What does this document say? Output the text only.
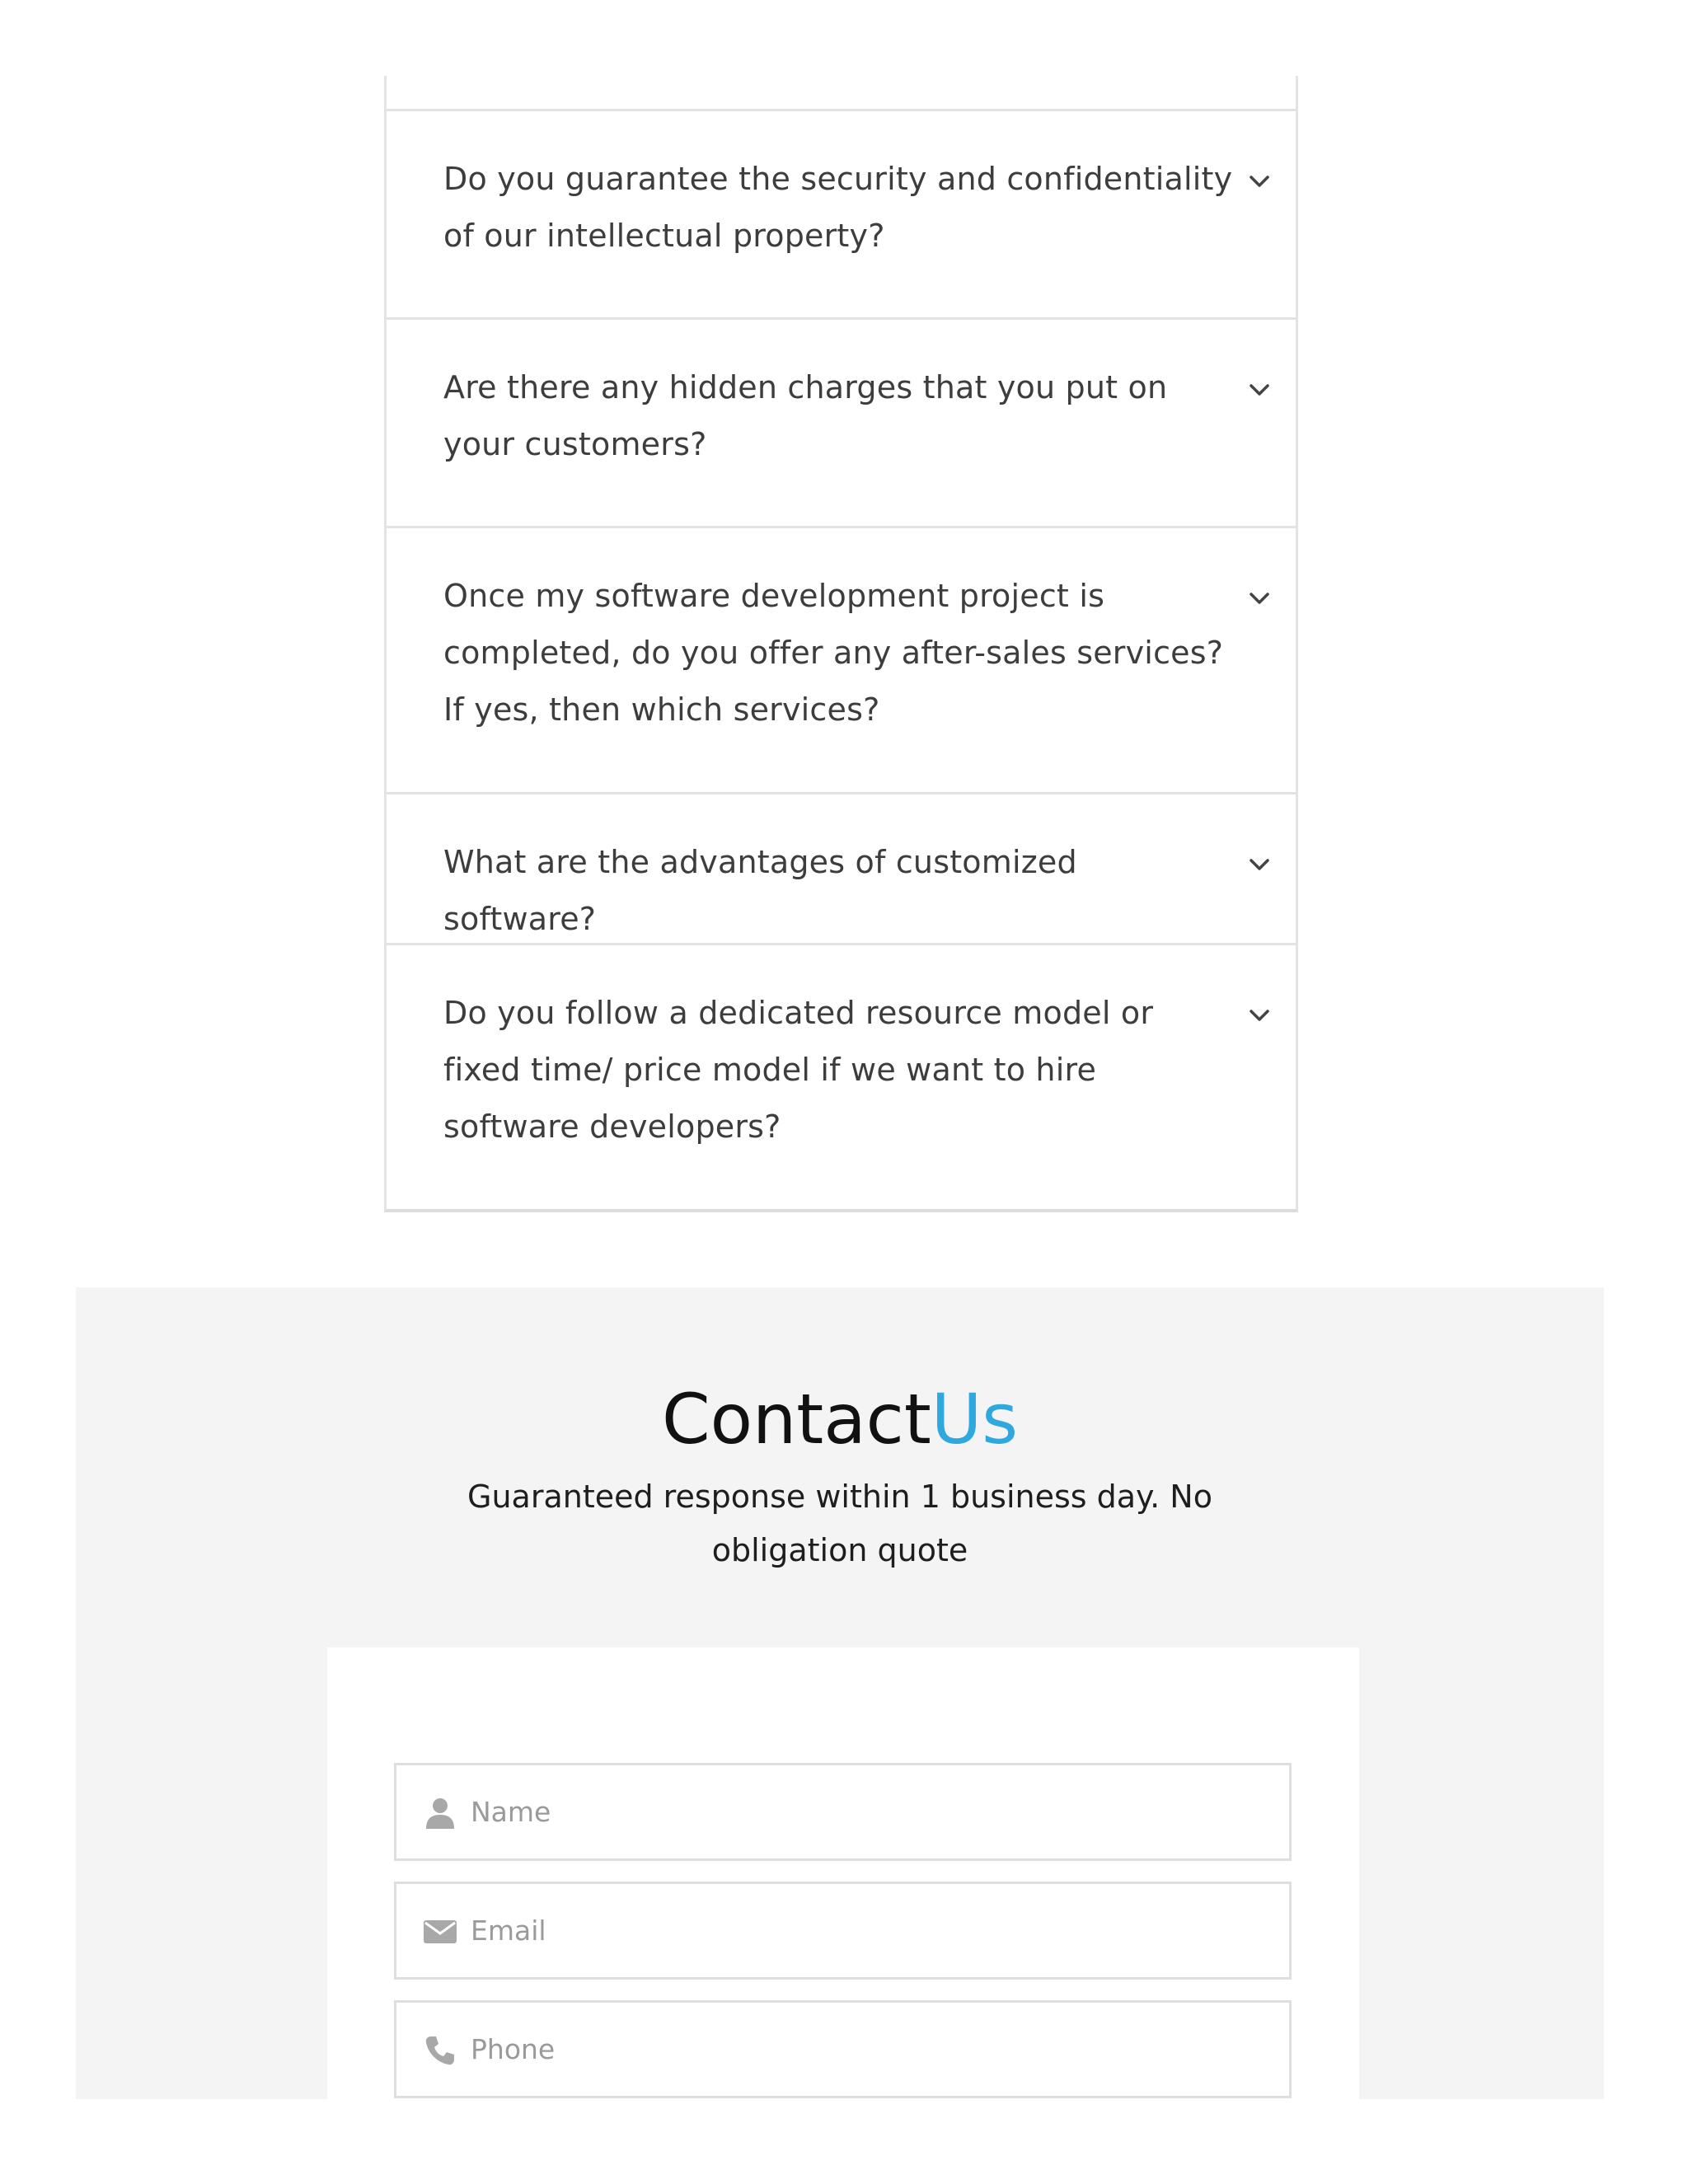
Do you guarantee the security and confidentiality of our intellectual property?
Are there any hidden charges that you put on your customers?
Once my software development project is completed, do you offer any after-sales services? If yes, then which services?
What are the advantages of customized software?
Do you follow a dedicated resource model or fixed time/ price model if we want to hire software developers?
ContactUs
Guaranteed response within 1 business day. No obligation quote
Name
Email
Phone
